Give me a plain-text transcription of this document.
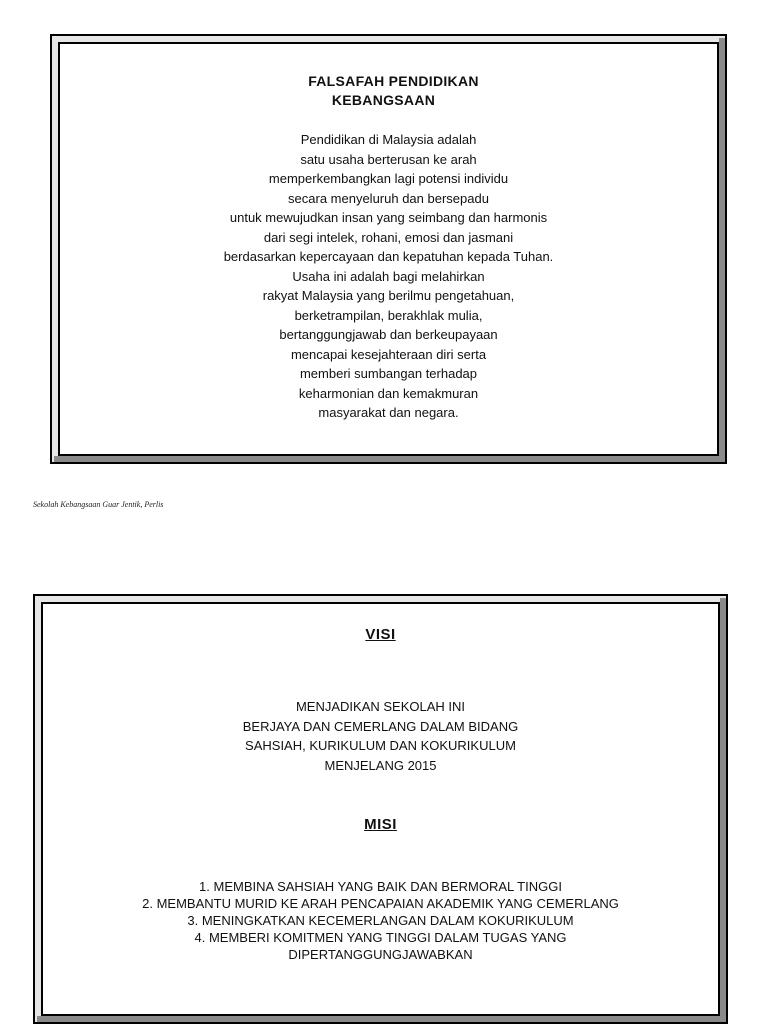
FALSAFAH PENDIDIKAN
KEBANGSAAN
Pendidikan di Malaysia adalah
satu usaha berterusan ke arah
memperkembangkan lagi potensi individu
secara menyeluruh dan bersepadu
untuk mewujudkan insan yang seimbang dan harmonis
dari segi intelek, rohani, emosi dan jasmani
berdasarkan kepercayaan dan kepatuhan kepada Tuhan.
Usaha ini adalah bagi melahirkan
rakyat Malaysia yang berilmu pengetahuan,
berketrampilan, berakhlak mulia,
bertanggungjawab dan berkeupayaan
mencapai kesejahteraan diri serta
memberi sumbangan terhadap
keharmonian dan kemakmuran
masyarakat dan negara.
Sekolah Kebangsaan Guar Jentik, Perlis
VISI
MENJADIKAN SEKOLAH INI
BERJAYA DAN CEMERLANG DALAM BIDANG
SAHSIAH, KURIKULUM DAN KOKURIKULUM
MENJELANG 2015
MISI
1. MEMBINA SAHSIAH YANG BAIK DAN BERMORAL TINGGI
2. MEMBANTU MURID KE ARAH PENCAPAIAN AKADEMIK YANG CEMERLANG
3. MENINGKATKAN KECEMERLANGAN DALAM KOKURIKULUM
4. MEMBERI KOMITMEN YANG TINGGI DALAM TUGAS YANG
DIPERTANGGUNGJAWABKAN
